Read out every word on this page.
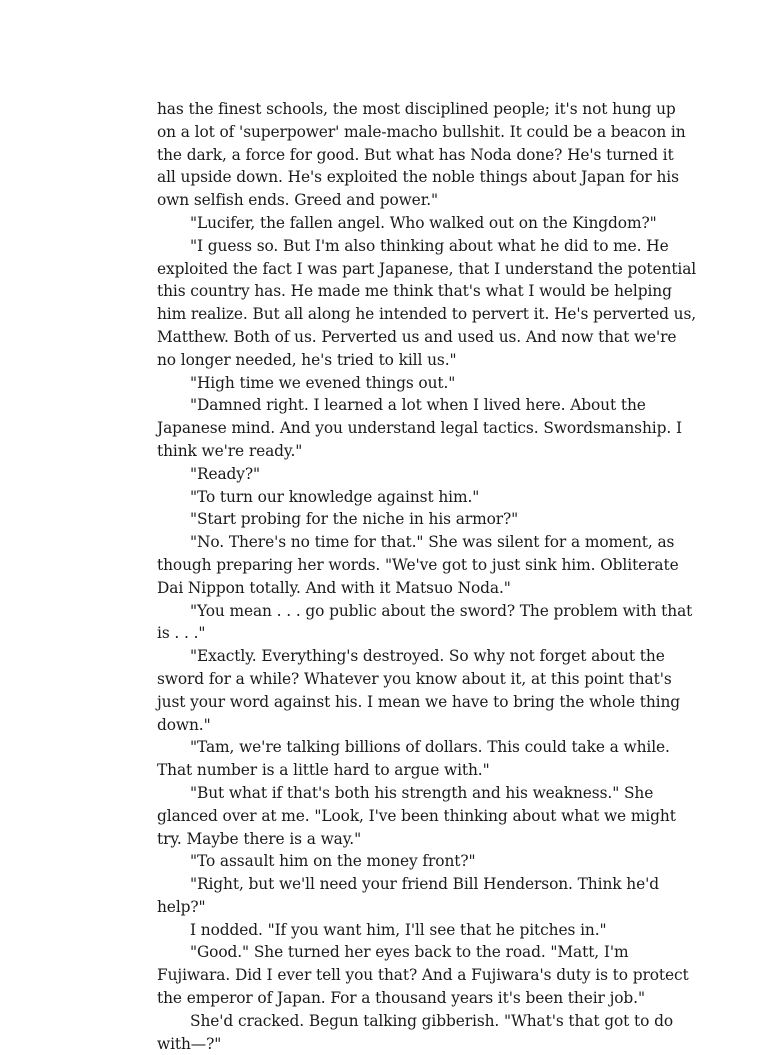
has the finest schools, the most disciplined people; it's not hung up on a lot of 'superpower' male-macho bullshit. It could be a beacon in the dark, a force for good. But what has Noda done? He's turned it all upside down. He's exploited the noble things about Japan for his own selfish ends. Greed and power."

"Lucifer, the fallen angel. Who walked out on the Kingdom?"

"I guess so. But I'm also thinking about what he did to me. He exploited the fact I was part Japanese, that I understand the potential this country has. He made me think that's what I would be helping him realize. But all along he intended to pervert it. He's perverted us, Matthew. Both of us. Perverted us and used us. And now that we're no longer needed, he's tried to kill us."

"High time we evened things out."

"Damned right. I learned a lot when I lived here. About the Japanese mind. And you understand legal tactics. Swordsmanship. I think we're ready."

"Ready?"

"To turn our knowledge against him."

"Start probing for the niche in his armor?"

"No. There's no time for that." She was silent for a moment, as though preparing her words. "We've got to just sink him. Obliterate Dai Nippon totally. And with it Matsuo Noda."

"You mean . . . go public about the sword? The problem with that is . . ."

"Exactly. Everything's destroyed. So why not forget about the sword for a while? Whatever you know about it, at this point that's just your word against his. I mean we have to bring the whole thing down."

"Tam, we're talking billions of dollars. This could take a while. That number is a little hard to argue with."

"But what if that's both his strength and his weakness." She glanced over at me. "Look, I've been thinking about what we might try. Maybe there is a way."

"To assault him on the money front?"

"Right, but we'll need your friend Bill Henderson. Think he'd help?"

I nodded. "If you want him, I'll see that he pitches in."

"Good." She turned her eyes back to the road. "Matt, I'm Fujiwara. Did I ever tell you that? And a Fujiwara's duty is to protect the emperor of Japan. For a thousand years it's been their job."

She'd cracked. Begun talking gibberish. "What's that got to do with—?"
